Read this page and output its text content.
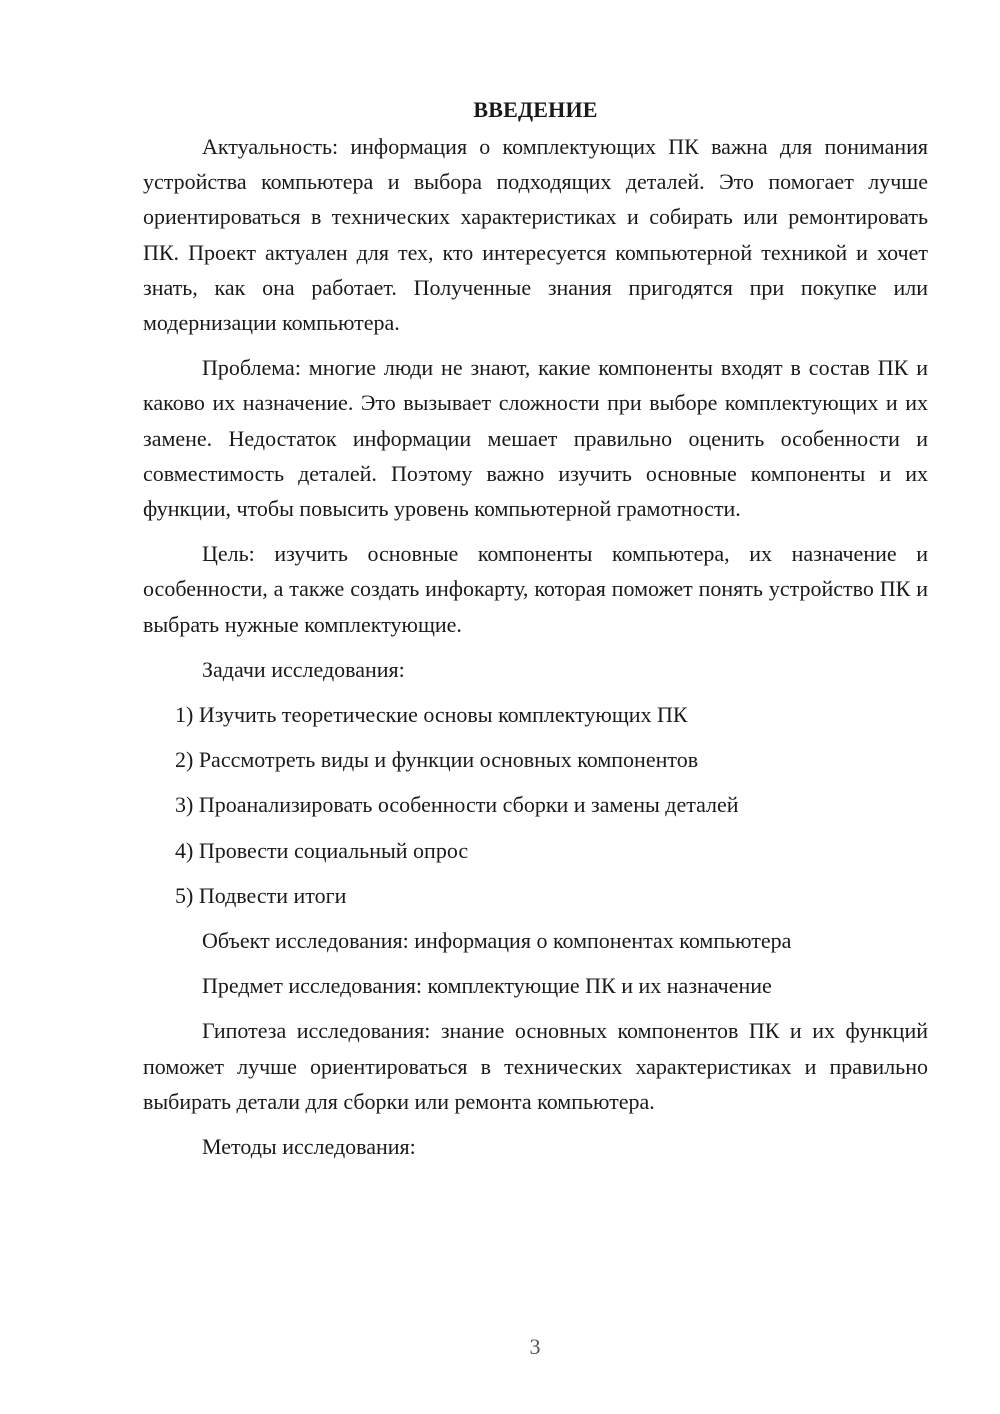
ВВЕДЕНИЕ

Актуальность: информация о комплектующих ПК важна для понимания устройства компьютера и выбора подходящих деталей. Это помогает лучше ориентироваться в технических характеристиках и собирать или ремонтировать ПК. Проект актуален для тех, кто интересуется компьютерной техникой и хочет знать, как она работает. Полученные знания пригодятся при покупке или модернизации компьютера.

Проблема: многие люди не знают, какие компоненты входят в состав ПК и каково их назначение. Это вызывает сложности при выборе комплектующих и их замене. Недостаток информации мешает правильно оценить особенности и совместимость деталей. Поэтому важно изучить основные компоненты и их функции, чтобы повысить уровень компьютерной грамотности.

Цель: изучить основные компоненты компьютера, их назначение и особенности, а также создать инфокарту, которая поможет понять устройство ПК и выбрать нужные комплектующие.

Задачи исследования:
1) Изучить теоретические основы комплектующих ПК
2) Рассмотреть виды и функции основных компонентов
3) Проанализировать особенности сборки и замены деталей
4) Провести социальный опрос
5) Подвести итоги
Объект исследования: информация о компонентах компьютера
Предмет исследования: комплектующие ПК и их назначение

Гипотеза исследования: знание основных компонентов ПК и их функций поможет лучше ориентироваться в технических характеристиках и правильно выбирать детали для сборки или ремонта компьютера.

Методы исследования:
3
